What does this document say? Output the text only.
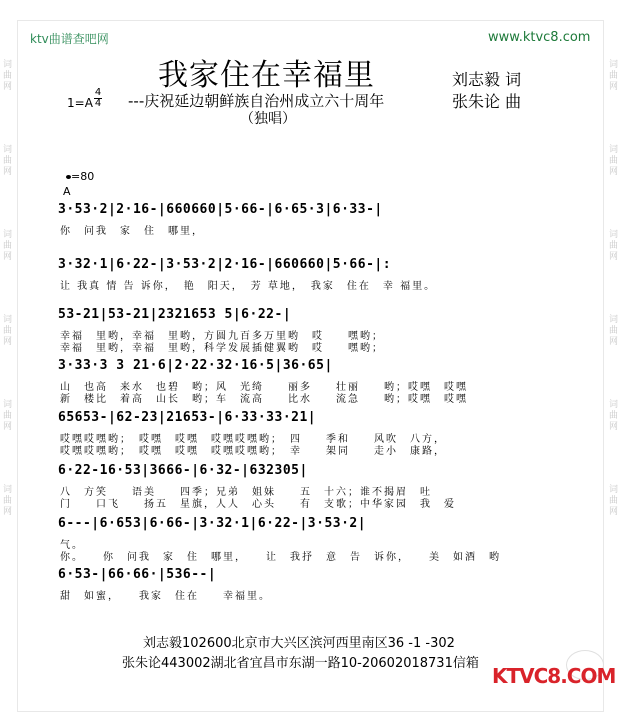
词
曲
网
词
曲
网
词
曲
网
词
曲
网
词
曲
网
词
曲
网
词
曲
网
词
曲
网
词
曲
网
词
曲
网
词
曲
网
词
曲
网
ktv曲谱查吧网	www.ktvc8.com
我家住在幸福里
---庆祝延边朝鲜族自治州成立六十周年
（独唱）
刘志毅 词
张朱论 曲
1=A
4
4
=80
A
3·53·2|2·16-|660660|5·66-|6·65·3|6·33-|
你　问我　家　住　哪里，
3·32·1|6·22-|3·53·2|2·16-|660660|5·66-|:
让 我真 情 告 诉你，　艳　阳天，　芳 草地，　我家　住在　幸 福里。
53-21|53-21|2321653 5|6·22-|
幸福　里哟，幸福　里哟，方圆九百多万里哟　哎　　嘿哟；
幸福　里哟，幸福　里哟，科学发展插健翼哟　哎　　嘿哟；
3·33·3 3 21·6|2·22·32·16·5|36·65|
山　也高　来水　也碧　哟；风　光绮　　丽多　　壮丽　　哟；哎嘿　哎嘿
新　楼比　着高　山长　哟；车　流高　　比水　　流急　　哟；哎嘿　哎嘿
65653-|62-23|21653-|6·33·33·21|
哎嘿哎嘿哟；　哎嘿　哎嘿　哎嘿哎嘿哟；　四　　季和　　风吹　八方，
哎嘿哎嘿哟；　哎嘿　哎嘿　哎嘿哎嘿哟；　幸　　架同　　走小　康路，
6·22-16·53|3666-|6·32-|632305|
八　方笑　　语美　　四季；兄弟　姐妹　　五　十六；谁不揭眉　吐
门　　口飞　　扬五　星旗，人人　心头　　有　支歌；中华家园　我　爱
6---|6·653|6·66-|3·32·1|6·22-|3·53·2|
气。
你。　　你　问我　家　住　哪里，　　让　我抒　意　告　诉你，　　美　如酒　哟
6·53-|66·66·|536--|
甜　如蜜，　　我家　住在　　幸福里。
刘志毅102600北京市大兴区滨河西里南区36 -1 -302
张朱论443002湖北省宜昌市东湖一路10-20602018731信箱
KTVC8.COM
